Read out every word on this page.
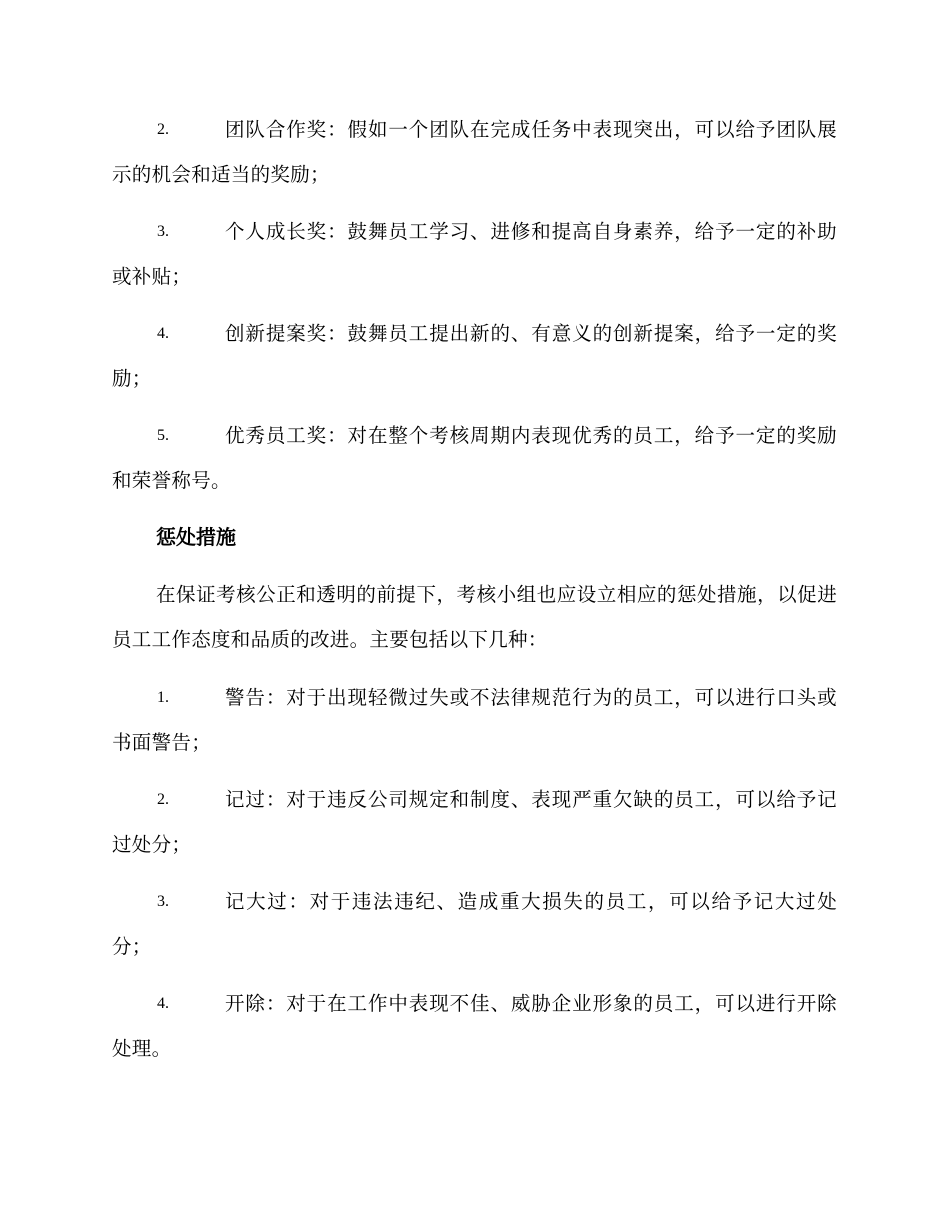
2.	团队合作奖：假如一个团队在完成任务中表现突出，可以给予团队展示的机会和适当的奖励；
3.	个人成长奖：鼓舞员工学习、进修和提高自身素养，给予一定的补助或补贴；
4.	创新提案奖：鼓舞员工提出新的、有意义的创新提案，给予一定的奖励；
5.	优秀员工奖：对在整个考核周期内表现优秀的员工，给予一定的奖励和荣誉称号。
惩处措施
在保证考核公正和透明的前提下，考核小组也应设立相应的惩处措施，以促进员工工作态度和品质的改进。主要包括以下几种：
1.	警告：对于出现轻微过失或不法律规范行为的员工，可以进行口头或书面警告；
2.	记过：对于违反公司规定和制度、表现严重欠缺的员工，可以给予记过处分；
3.	记大过：对于违法违纪、造成重大损失的员工，可以给予记大过处分；
4.	开除：对于在工作中表现不佳、威胁企业形象的员工，可以进行开除处理。
